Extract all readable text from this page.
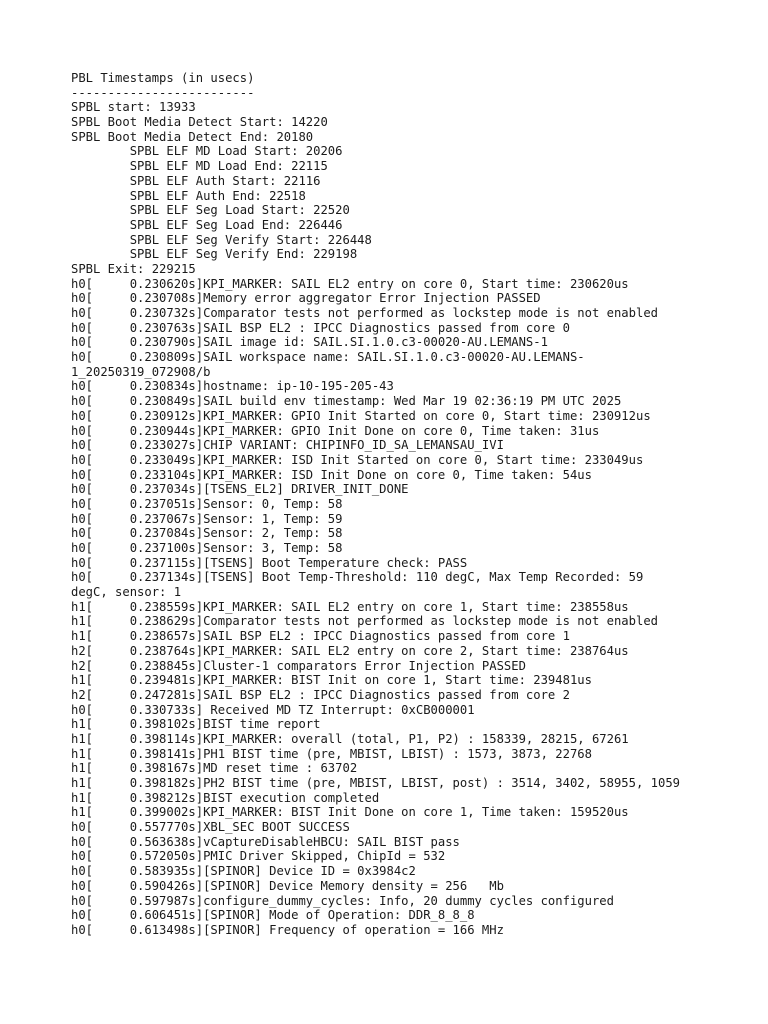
PBL Timestamps (in usecs)
-------------------------
SPBL start: 13933
SPBL Boot Media Detect Start: 14220
SPBL Boot Media Detect End: 20180
SPBL ELF MD Load Start: 20206
SPBL ELF MD Load End: 22115
SPBL ELF Auth Start: 22116
SPBL ELF Auth End: 22518
SPBL ELF Seg Load Start: 22520
SPBL ELF Seg Load End: 226446
SPBL ELF Seg Verify Start: 226448
SPBL ELF Seg Verify End: 229198
SPBL Exit: 229215
h0[     0.230620s]KPI_MARKER: SAIL EL2 entry on core 0, Start time: 230620us
h0[     0.230708s]Memory error aggregator Error Injection PASSED
h0[     0.230732s]Comparator tests not performed as lockstep mode is not enabled
h0[     0.230763s]SAIL BSP EL2 : IPCC Diagnostics passed from core 0
h0[     0.230790s]SAIL image id: SAIL.SI.1.0.c3-00020-AU.LEMANS-1
h0[     0.230809s]SAIL workspace name: SAIL.SI.1.0.c3-00020-AU.LEMANS-
1_20250319_072908/b
h0[     0.230834s]hostname: ip-10-195-205-43
h0[     0.230849s]SAIL build env timestamp: Wed Mar 19 02:36:19 PM UTC 2025
h0[     0.230912s]KPI_MARKER: GPIO Init Started on core 0, Start time: 230912us
h0[     0.230944s]KPI_MARKER: GPIO Init Done on core 0, Time taken: 31us
h0[     0.233027s]CHIP VARIANT: CHIPINFO_ID_SA_LEMANSAU_IVI
h0[     0.233049s]KPI_MARKER: ISD Init Started on core 0, Start time: 233049us
h0[     0.233104s]KPI_MARKER: ISD Init Done on core 0, Time taken: 54us
h0[     0.237034s][TSENS_EL2] DRIVER_INIT_DONE
h0[     0.237051s]Sensor: 0, Temp: 58
h0[     0.237067s]Sensor: 1, Temp: 59
h0[     0.237084s]Sensor: 2, Temp: 58
h0[     0.237100s]Sensor: 3, Temp: 58
h0[     0.237115s][TSENS] Boot Temperature check: PASS
h0[     0.237134s][TSENS] Boot Temp-Threshold: 110 degC, Max Temp Recorded: 59
degC, sensor: 1
h1[     0.238559s]KPI_MARKER: SAIL EL2 entry on core 1, Start time: 238558us
h1[     0.238629s]Comparator tests not performed as lockstep mode is not enabled
h1[     0.238657s]SAIL BSP EL2 : IPCC Diagnostics passed from core 1
h2[     0.238764s]KPI_MARKER: SAIL EL2 entry on core 2, Start time: 238764us
h2[     0.238845s]Cluster-1 comparators Error Injection PASSED
h1[     0.239481s]KPI_MARKER: BIST Init on core 1, Start time: 239481us
h2[     0.247281s]SAIL BSP EL2 : IPCC Diagnostics passed from core 2
h0[     0.330733s] Received MD TZ Interrupt: 0xCB000001
h1[     0.398102s]BIST time report
h1[     0.398114s]KPI_MARKER: overall (total, P1, P2) : 158339, 28215, 67261
h1[     0.398141s]PH1 BIST time (pre, MBIST, LBIST) : 1573, 3873, 22768
h1[     0.398167s]MD reset time : 63702
h1[     0.398182s]PH2 BIST time (pre, MBIST, LBIST, post) : 3514, 3402, 58955, 1059
h1[     0.398212s]BIST execution completed
h1[     0.399002s]KPI_MARKER: BIST Init Done on core 1, Time taken: 159520us
h0[     0.557770s]XBL_SEC BOOT SUCCESS
h0[     0.563638s]vCaptureDisableHBCU: SAIL BIST pass
h0[     0.572050s]PMIC Driver Skipped, ChipId = 532
h0[     0.583935s][SPINOR] Device ID = 0x3984c2
h0[     0.590426s][SPINOR] Device Memory density = 256   Mb
h0[     0.597987s]configure_dummy_cycles: Info, 20 dummy cycles configured
h0[     0.606451s][SPINOR] Mode of Operation: DDR_8_8_8
h0[     0.613498s][SPINOR] Frequency of operation = 166 MHz
